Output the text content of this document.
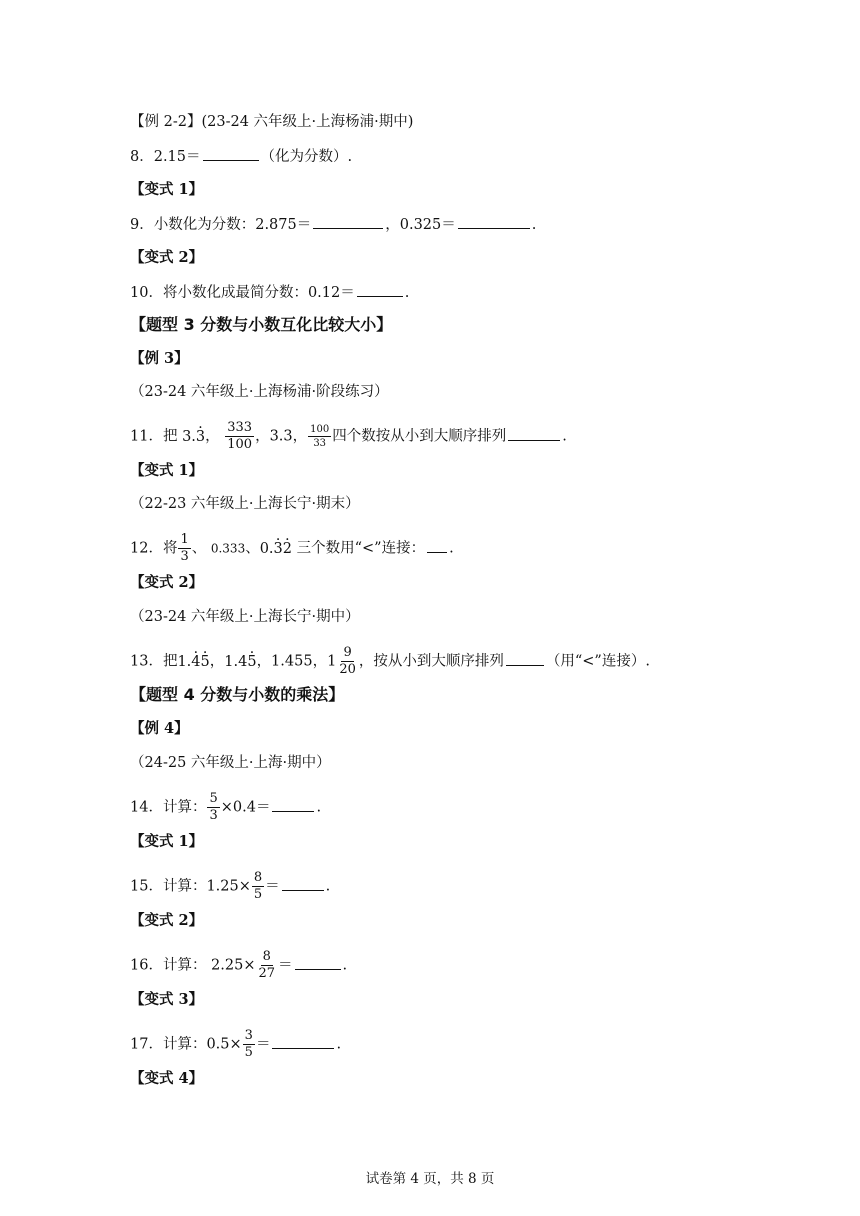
【例 2-2】(23-24 六年级上·上海杨浦·期中)
8．2.15＝	（化为分数）.
【变式 1】
9．小数化为分数：2.875＝	，0.325＝	.
【变式 2】
10．将小数化成最简分数：0.12＝	.
【题型 3 分数与小数互化比较大小】
【例 3】
（23-24 六年级上·上海杨浦·阶段练习）
11．把 3.· 3， $\frac{333}{100}$ ，3.3， $\frac{100}{33}$ 四个数按从小到大顺序排列	.
【变式 1】
（22-23 六年级上·上海长宁·期末）
12．将 $\frac{1}{3}$ 、 0.333、0.· 3· 2 三个数用“<”连接： .
【变式 2】
（23-24 六年级上·上海长宁·期中）
13．把1.· 4· 5，1.4· 5，1.455，$1 \frac{9}{20}$ ，按从小到大顺序排列	（用“<”连接）.
【题型 4 分数与小数的乘法】
【例 4】
（24-25 六年级上·上海·期中）
14．计算： $\frac{5}{3} \times 0.4=$	.
【变式 1】
15．计算：$1.25\times \frac{8}{5}$ ＝	.
【变式 2】
16．计算： $2.25\times \frac{8}{27}$ ＝	.
【变式 3】
17．计算：$0.5\times \frac{3}{5}$ ＝	.
【变式 4】
试卷第 4 页，共 8 页
